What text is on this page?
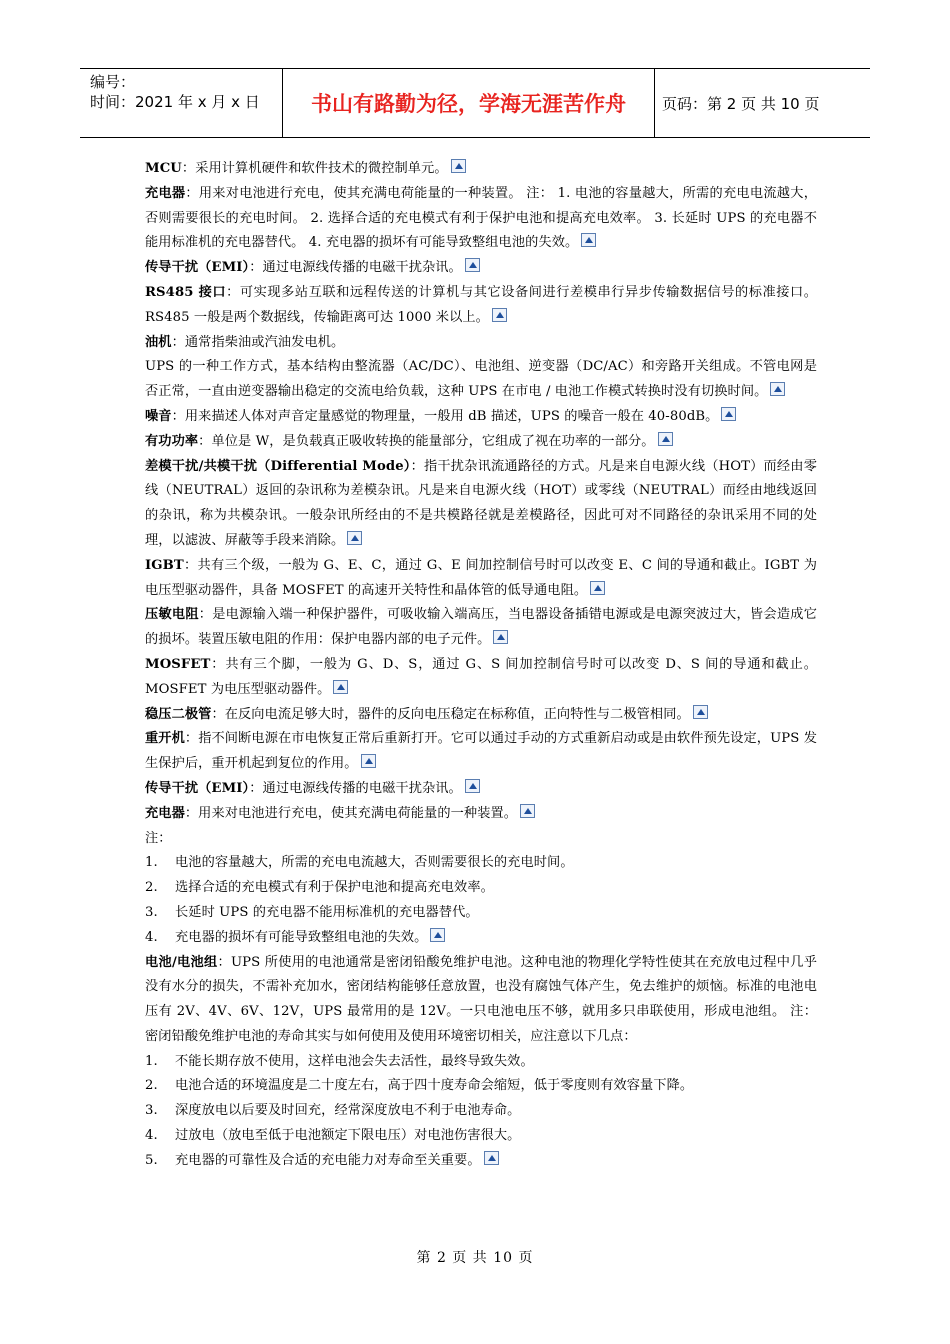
编号：
时间：2021 年 x 月 x 日	书山有路勤为径，学海无涯苦作舟	页码：第 2 页 共 10 页
MCU：采用计算机硬件和软件技术的微控制单元。
充电器：用来对电池进行充电，使其充满电荷能量的一种装置。 注： 1. 电池的容量越大，所需的充电电流越大，否则需要很长的充电时间。 2. 选择合适的充电模式有利于保护电池和提高充电效率。 3. 长延时 UPS 的充电器不能用标准机的充电器替代。 4. 充电器的损坏有可能导致整组电池的失效。
传导干扰（EMI）：通过电源线传播的电磁干扰杂讯。
RS485 接口：可实现多站互联和远程传送的计算机与其它设备间进行差模串行异步传输数据信号的标准接口。RS485 一般是两个数据线，传输距离可达 1000 米以上。
油机：通常指柴油或汽油发电机。
UPS 的一种工作方式，基本结构由整流器（AC/DC）、电池组、逆变器（DC/AC）和旁路开关组成。不管电网是否正常，一直由逆变器输出稳定的交流电给负载，这种 UPS 在市电 / 电池工作模式转换时没有切换时间。
噪音：用来描述人体对声音定量感觉的物理量，一般用 dB 描述，UPS 的噪音一般在 40-80dB。
有功功率：单位是 W，是负载真正吸收转换的能量部分，它组成了视在功率的一部分。
差模干扰/共模干扰（Differential Mode）：指干扰杂讯流通路径的方式。凡是来自电源火线（HOT）而经由零线（NEUTRAL）返回的杂讯称为差模杂讯。凡是来自电源火线（HOT）或零线（NEUTRAL）而经由地线返回的杂讯，称为共模杂讯。一般杂讯所经由的不是共模路径就是差模路径，因此可对不同路径的杂讯采用不同的处理，以滤波、屏蔽等手段来消除。
IGBT：共有三个级，一般为 G、E、C，通过 G、E 间加控制信号时可以改变 E、C 间的导通和截止。IGBT 为电压型驱动器件，具备 MOSFET 的高速开关特性和晶体管的低导通电阻。
压敏电阻：是电源输入端一种保护器件，可吸收输入端高压，当电器设备插错电源或是电源突波过大，皆会造成它的损坏。装置压敏电阻的作用：保护电器内部的电子元件。
MOSFET：共有三个脚，一般为 G、D、S，通过 G、S 间加控制信号时可以改变 D、S 间的导通和截止。MOSFET 为电压型驱动器件。
稳压二极管：在反向电流足够大时，器件的反向电压稳定在标称值，正向特性与二极管相同。
重开机：指不间断电源在市电恢复正常后重新打开。它可以通过手动的方式重新启动或是由软件预先设定，UPS 发生保护后，重开机起到复位的作用。
传导干扰（EMI）：通过电源线传播的电磁干扰杂讯。
充电器：用来对电池进行充电，使其充满电荷能量的一种装置。
注：
1. 电池的容量越大，所需的充电电流越大，否则需要很长的充电时间。
2. 选择合适的充电模式有利于保护电池和提高充电效率。
3. 长延时 UPS 的充电器不能用标准机的充电器替代。
4. 充电器的损坏有可能导致整组电池的失效。
电池/电池组：UPS 所使用的电池通常是密闭铅酸免维护电池。这种电池的物理化学特性使其在充放电过程中几乎没有水分的损失，不需补充加水，密闭结构能够任意放置，也没有腐蚀气体产生，免去维护的烦恼。标准的电池电压有 2V、4V、6V、12V，UPS 最常用的是 12V。一只电池电压不够，就用多只串联使用，形成电池组。 注：密闭铅酸免维护电池的寿命其实与如何使用及使用环境密切相关，应注意以下几点：
1. 不能长期存放不使用，这样电池会失去活性，最终导致失效。
2. 电池合适的环境温度是二十度左右，高于四十度寿命会缩短，低于零度则有效容量下降。
3. 深度放电以后要及时回充，经常深度放电不利于电池寿命。
4. 过放电（放电至低于电池额定下限电压）对电池伤害很大。
5. 充电器的可靠性及合适的充电能力对寿命至关重要。
第 2 页 共 10 页
